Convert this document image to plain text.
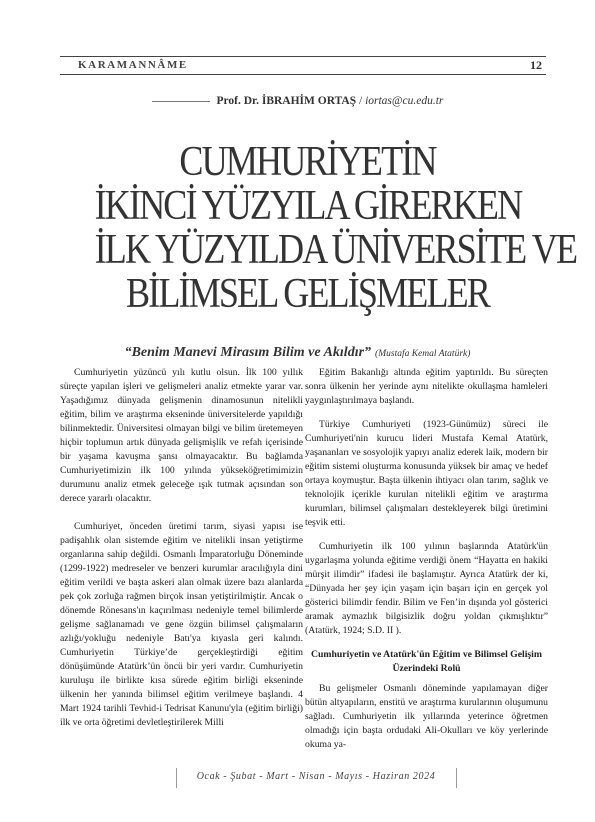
KARAMANNÂME	12
Prof. Dr. İBRAHİM ORTAŞ / iortas@cu.edu.tr
CUMHURİYETİN
İKİNCİ YÜZYILA GİRERKEN
İLK YÜZYILDA ÜNİVERSİTE VE
BİLİMSEL GELİŞMELER
“Benim Manevi Mirasım Bilim ve Akıldır” (Mustafa Kemal Atatürk)

Cumhuriyetin yüzüncü yılı kutlu olsun. İlk 100 yıllık süreçte yapılan işleri ve gelişmeleri analiz etmekte yarar var. Yaşadığımız dünyada gelişmenin dinamosunun nitelikli eğitim, bilim ve araştırma ekseninde üniversitelerde yapıldığı bilinmektedir. Üniversitesi olmayan bilgi ve bilim üretemeyen hiçbir toplumun artık dünyada gelişmişlik ve refah içerisinde bir yaşama kavuşma şansı olmayacaktır. Bu bağlamda Cumhuriyetimizin ilk 100 yılında yükseköğretimimizin durumunu analiz etmek geleceğe ışık tutmak açısından son derece yararlı olacaktır.

Cumhuriyet, önceden üretimi tarım, siyasi yapısı ise padişahlık olan sistemde eğitim ve nitelikli insan yetiştirme organlarına sahip değildi. Osmanlı İmparatorluğu Döneminde (1299-1922) medreseler ve benzeri kurumlar aracılığıyla dini eğitim verildi ve başta askeri alan olmak üzere bazı alanlarda pek çok zorluğa rağmen birçok insan yetiştirilmiştir. Ancak o dönemde Rönesans'ın kaçırılması nedeniyle temel bilimlerde gelişme sağlanamadı ve gene özgün bilimsel çalışmaların azlığı/yokluğu nedeniyle Batı'ya kıyasla geri kalındı. Cumhuriyetin Türkiye’de gerçekleştirdiği eğitim dönüşümünde Atatürk’ün öncü bir yeri vardır. Cumhuriyetin kuruluşu ile birlikte kısa sürede eğitim birliği ekseninde ülkenin her yanında bilimsel eğitim verilmeye başlandı. 4 Mart 1924 tarihli Tevhid-i Tedrisat Kanunu'yla (eğitim birliği) ilk ve orta öğretimi devletleştirilerek Milli

Eğitim Bakanlığı altında eğitim yaptırıldı. Bu süreçten sonra ülkenin her yerinde aynı nitelikte okullaşma hamleleri yaygınlaştırılmaya başlandı.

Türkiye Cumhuriyeti (1923-Günümüz) süreci ile Cumhuriyeti'nin kurucu lideri Mustafa Kemal Atatürk, yaşananları ve sosyolojik yapıyı analiz ederek laik, modern bir eğitim sistemi oluşturma konusunda yüksek bir amaç ve hedef ortaya koymuştur. Başta ülkenin ihtiyacı olan tarım, sağlık ve teknolojik içerikle kurulan nitelikli eğitim ve araştırma kurumları, bilimsel çalışmaları destekleyerek bilgi üretimini teşvik etti.

Cumhuriyetin ilk 100 yılının başlarında Atatürk'ün uygarlaşma yolunda eğitime verdiği önem “Hayatta en hakiki mürşit ilimdir” ifadesi ile başlamıştır. Ayrıca Atatürk der ki, “Dünyada her şey için yaşam için başarı için en gerçek yol gösterici bilimdir fendir. Bilim ve Fen’in dışında yol gösterici aramak aymazlık bilgisizlik doğru yoldan çıkmışlıktır” (Atatürk, 1924; S.D. II ).

Cumhuriyetin ve Atatürk'ün Eğitim ve Bilimsel Gelişim Üzerindeki Rolü

Bu gelişmeler Osmanlı döneminde yapılamayan diğer bütün altyapıların, enstitü ve araştırma kurularının oluşumunu sağladı. Cumhuriyetin ilk yıllarında yeterince öğretmen olmadığı için başta ordudaki Ali-Okulları ve köy yerlerinde okuma ya-

Ocak - Şubat - Mart - Nisan - Mayıs - Haziran 2024
